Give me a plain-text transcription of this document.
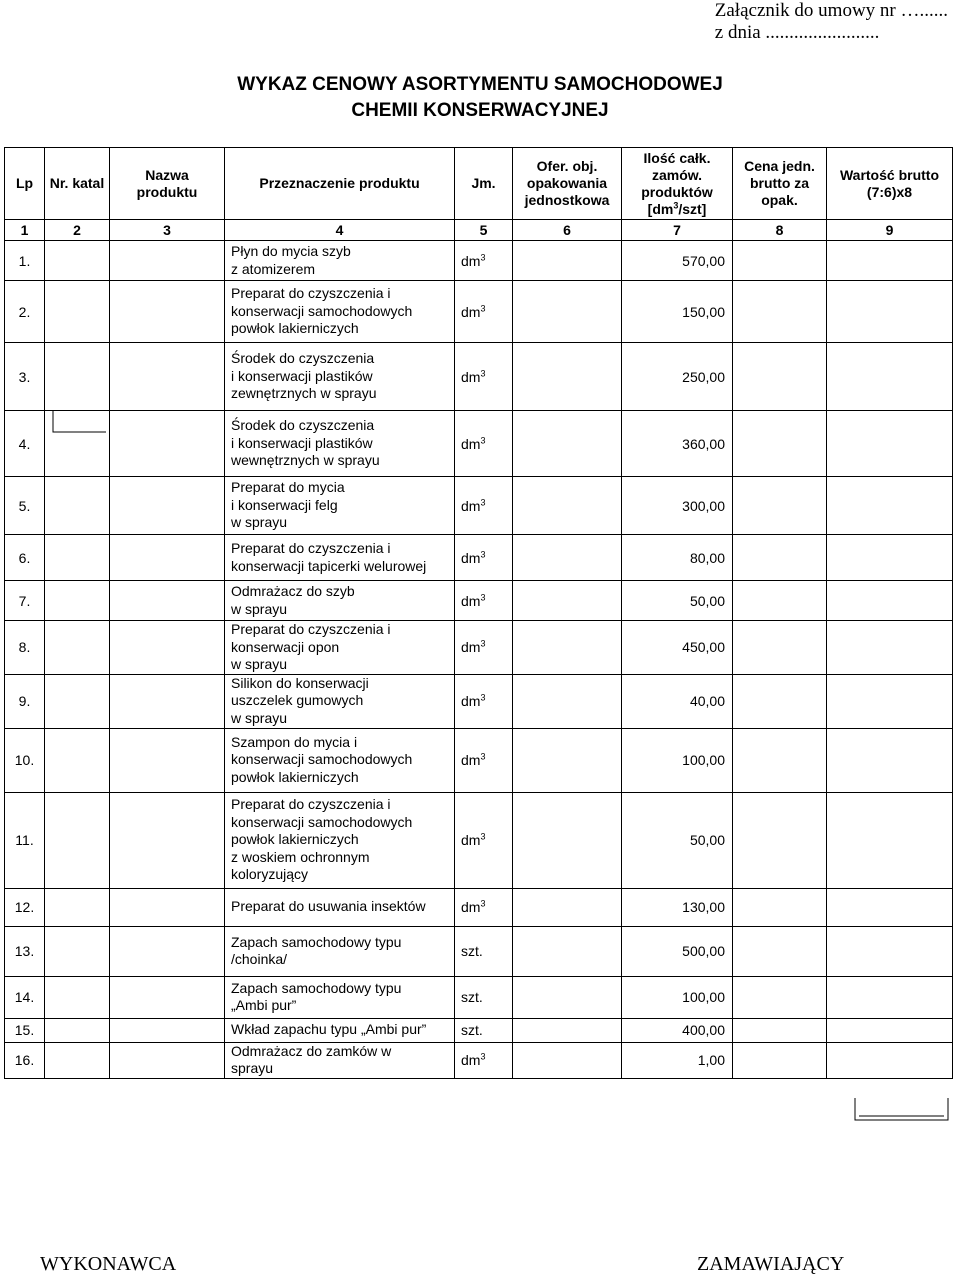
Załącznik do umowy nr …......
z dnia ........................
WYKAZ CENOWY ASORTYMENTU SAMOCHODOWEJ
CHEMII KONSERWACYJNEJ
Lp	Nr. katal	Nazwa produktu	Przeznaczenie produktu	Jm.	Ofer. obj. opakowania jednostkowa	Ilość całk. zamów. produktów
$[dm^3/szt]$	Cena jedn. brutto za opak.	Wartość brutto (7:6)x8
1	2	3	4	5	6	7	8	9
1.			Płyn do mycia szyb
z atomizerem	$dm^3$		570,00		
2.			Preparat do czyszczenia i
konserwacji samochodowych
powłok lakierniczych	$dm^3$		150,00		
3.			Środek do czyszczenia
i konserwacji plastików
zewnętrznych w sprayu	$dm^3$		250,00		
4.			Środek do czyszczenia
i konserwacji plastików
wewnętrznych w sprayu	$dm^3$		360,00		
5.			Preparat do mycia
i konserwacji felg
w sprayu	$dm^3$		300,00		
6.			Preparat do czyszczenia i
konserwacji tapicerki welurowej	$dm^3$		80,00		
7.			Odmrażacz do szyb
w sprayu	$dm^3$		50,00		
8.			Preparat do czyszczenia i
konserwacji opon
w sprayu	$dm^3$		450,00		
9.			Silikon do konserwacji
uszczelek gumowych
w sprayu	$dm^3$		40,00		
10.			Szampon do mycia i
konserwacji samochodowych
powłok lakierniczych	$dm^3$		100,00		
11.			Preparat do czyszczenia i
konserwacji samochodowych
powłok lakierniczych
z woskiem ochronnym
koloryzujący	$dm^3$		50,00		
12.			Preparat do usuwania insektów	$dm^3$		130,00		
13.			Zapach samochodowy typu
/choinka/	szt.		500,00		
14.			Zapach samochodowy typu
„Ambi pur”	szt.		100,00		
15.			Wkład zapachu typu „Ambi pur”	szt.		400,00		
16.			Odmrażacz do zamków w
sprayu	$dm^3$		1,00		
WYKONAWCA	ZAMAWIAJĄCY
